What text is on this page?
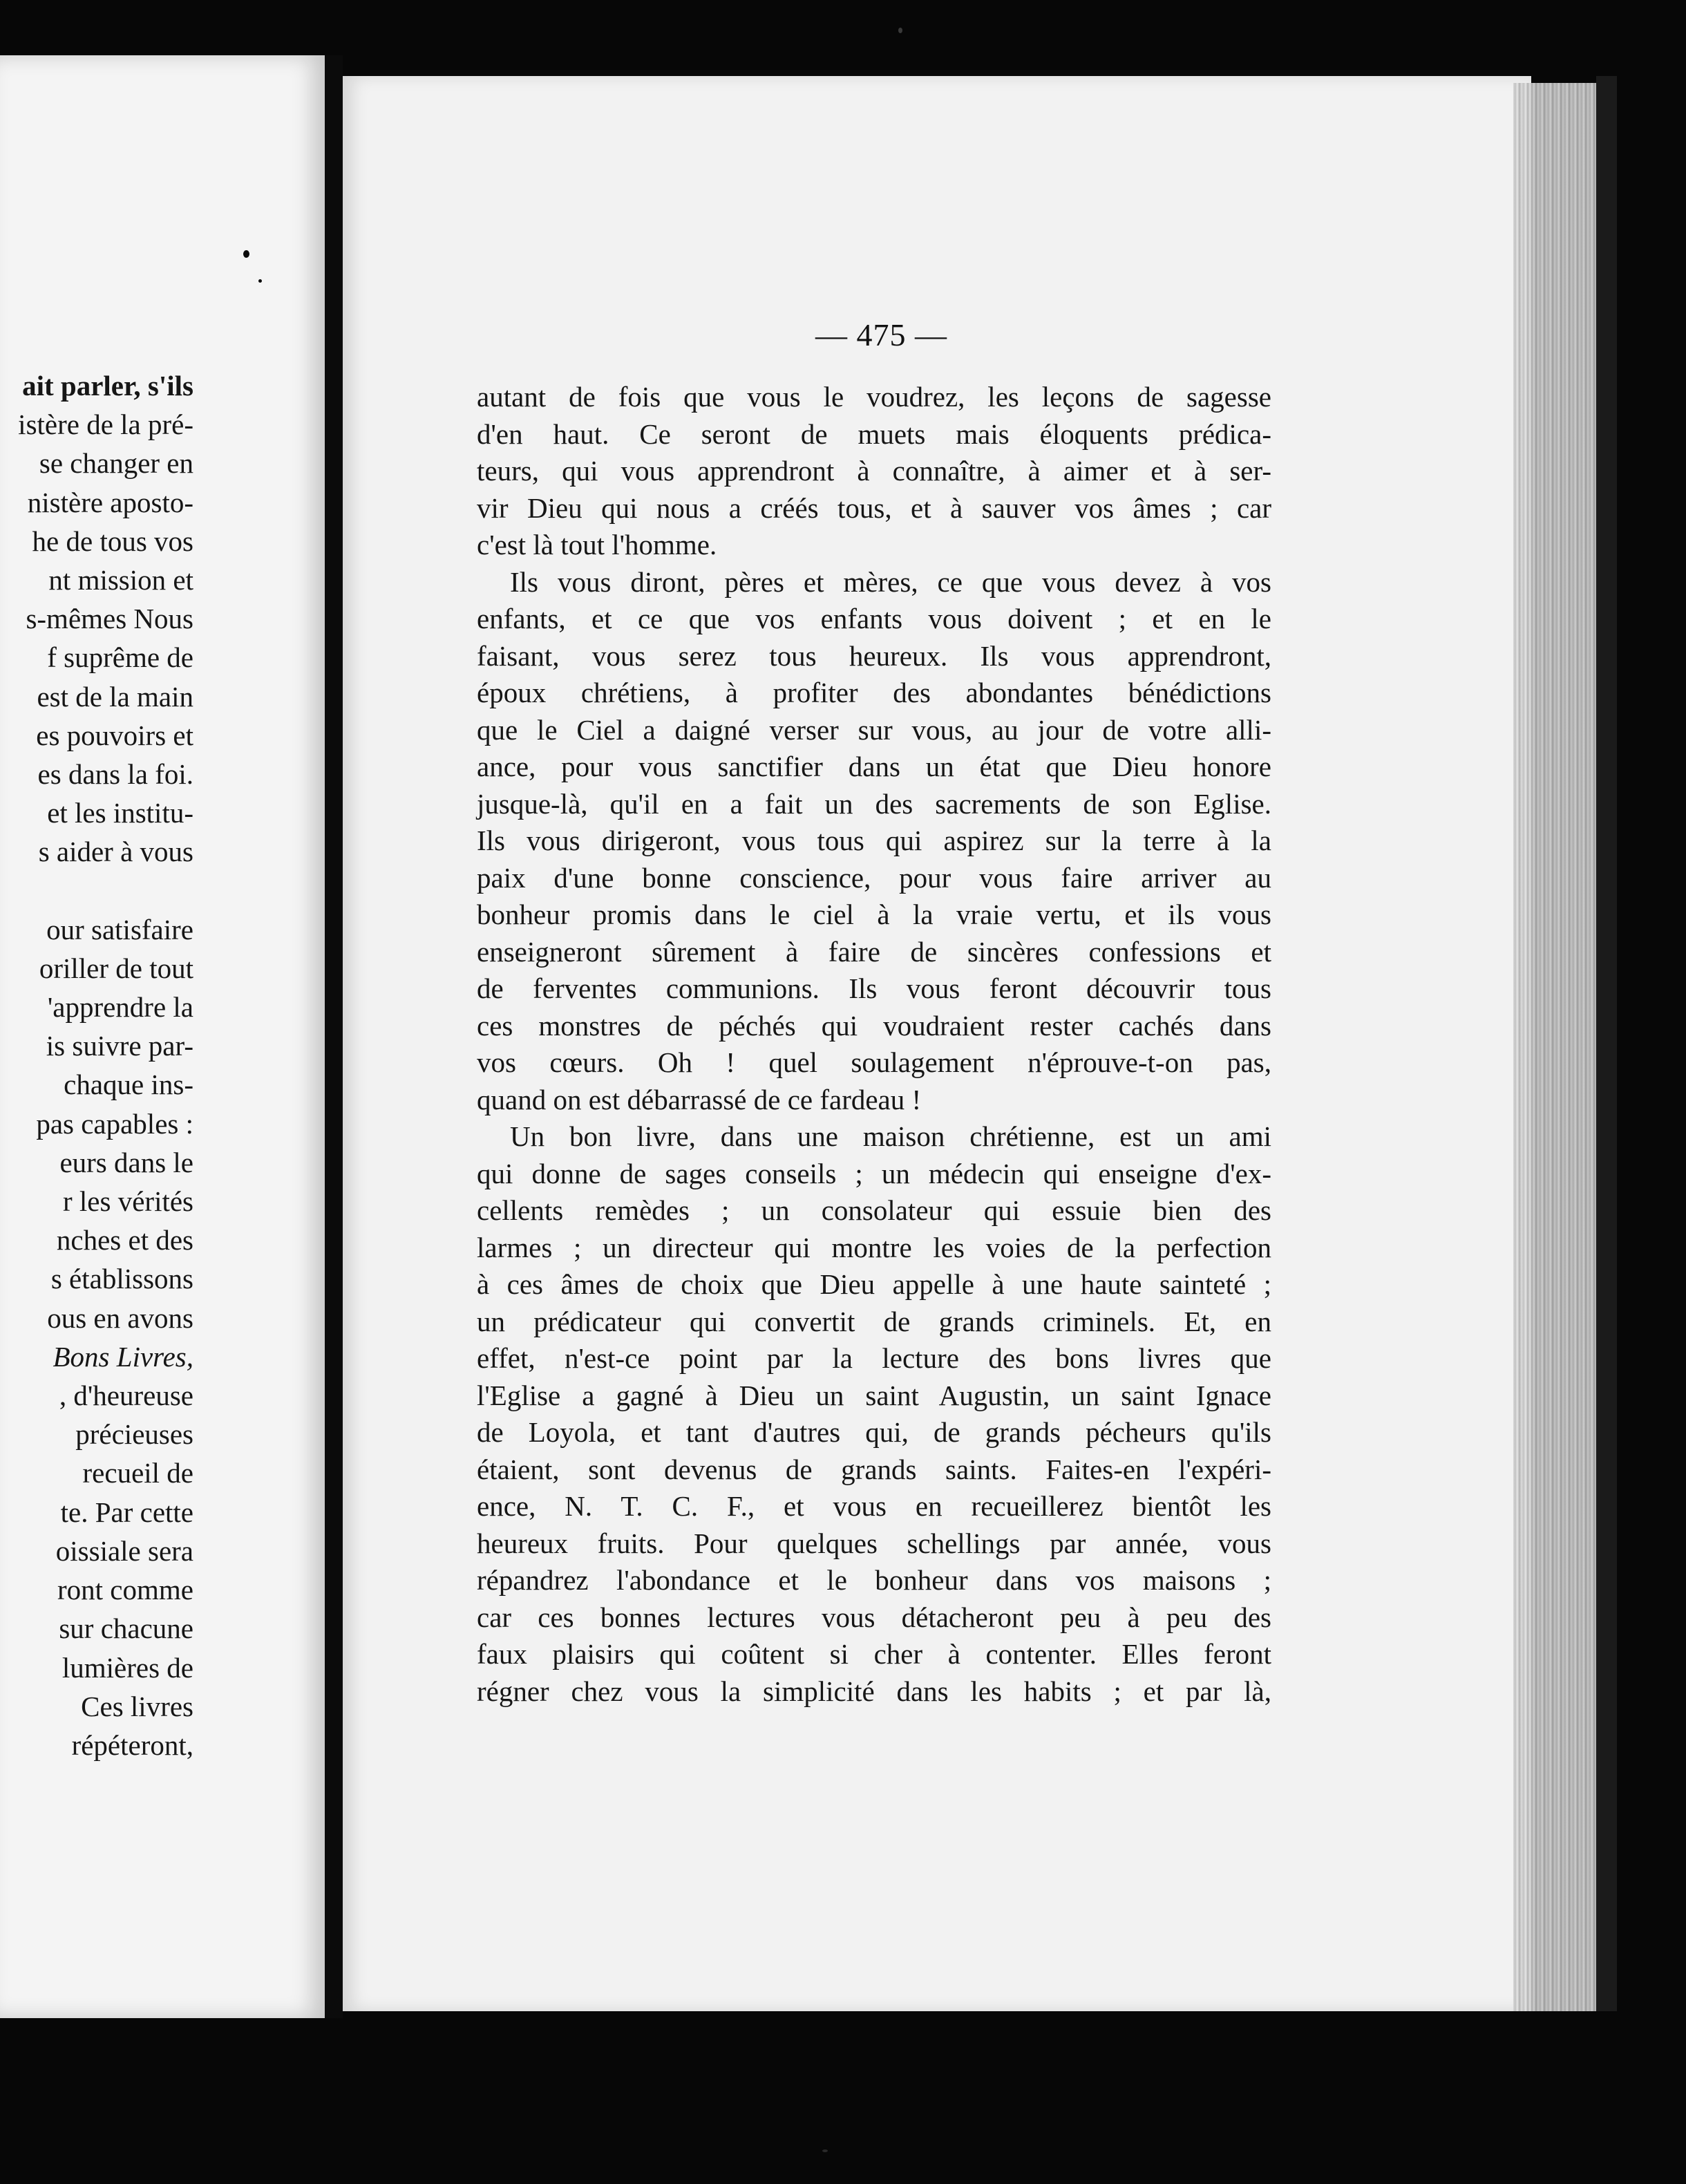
ait parler, s'ils
istère de la pré-
se changer en
nistère aposto-
he de tous vos
nt mission et
s-mêmes Nous
f suprême de
est de la main
es pouvoirs et
es dans la foi.
et les institu-
s aider à vous
our satisfaire
oriller de tout
'apprendre la
is suivre par-
chaque ins-
pas capables :
eurs dans le
r les vérités
nches et des
s établissons
ous en avons
Bons Livres,
, d'heureuse
précieuses
recueil de
te. Par cette
oissiale sera
ront comme
sur chacune
lumières de
Ces livres
répéteront,
— 475 —

autant de fois que vous le voudrez, les leçons de sagesse

d'en haut. Ce seront de muets mais éloquents prédica-

teurs, qui vous apprendront à connaître, à aimer et à ser-

vir Dieu qui nous a créés tous, et à sauver vos âmes ; car

c'est là tout l'homme.

Ils vous diront, pères et mères, ce que vous devez à vos

enfants, et ce que vos enfants vous doivent ; et en le

faisant, vous serez tous heureux. Ils vous apprendront,

époux chrétiens, à profiter des abondantes bénédictions

que le Ciel a daigné verser sur vous, au jour de votre alli-

ance, pour vous sanctifier dans un état que Dieu honore

jusque-là, qu'il en a fait un des sacrements de son Eglise.

Ils vous dirigeront, vous tous qui aspirez sur la terre à la

paix d'une bonne conscience, pour vous faire arriver au

bonheur promis dans le ciel à la vraie vertu, et ils vous

enseigneront sûrement à faire de sincères confessions et

de ferventes communions. Ils vous feront découvrir tous

ces monstres de péchés qui voudraient rester cachés dans

vos cœurs. Oh ! quel soulagement n'éprouve-t-on pas,

quand on est débarrassé de ce fardeau !

Un bon livre, dans une maison chrétienne, est un ami

qui donne de sages conseils ; un médecin qui enseigne d'ex-

cellents remèdes ; un consolateur qui essuie bien des

larmes ; un directeur qui montre les voies de la perfection

à ces âmes de choix que Dieu appelle à une haute sainteté ;

un prédicateur qui convertit de grands criminels. Et, en

effet, n'est-ce point par la lecture des bons livres que

l'Eglise a gagné à Dieu un saint Augustin, un saint Ignace

de Loyola, et tant d'autres qui, de grands pécheurs qu'ils

étaient, sont devenus de grands saints. Faites-en l'expéri-

ence, N. T. C. F., et vous en recueillerez bientôt les

heureux fruits. Pour quelques schellings par année, vous

répandrez l'abondance et le bonheur dans vos maisons ;

car ces bonnes lectures vous détacheront peu à peu des

faux plaisirs qui coûtent si cher à contenter. Elles feront

régner chez vous la simplicité dans les habits ; et par là,
